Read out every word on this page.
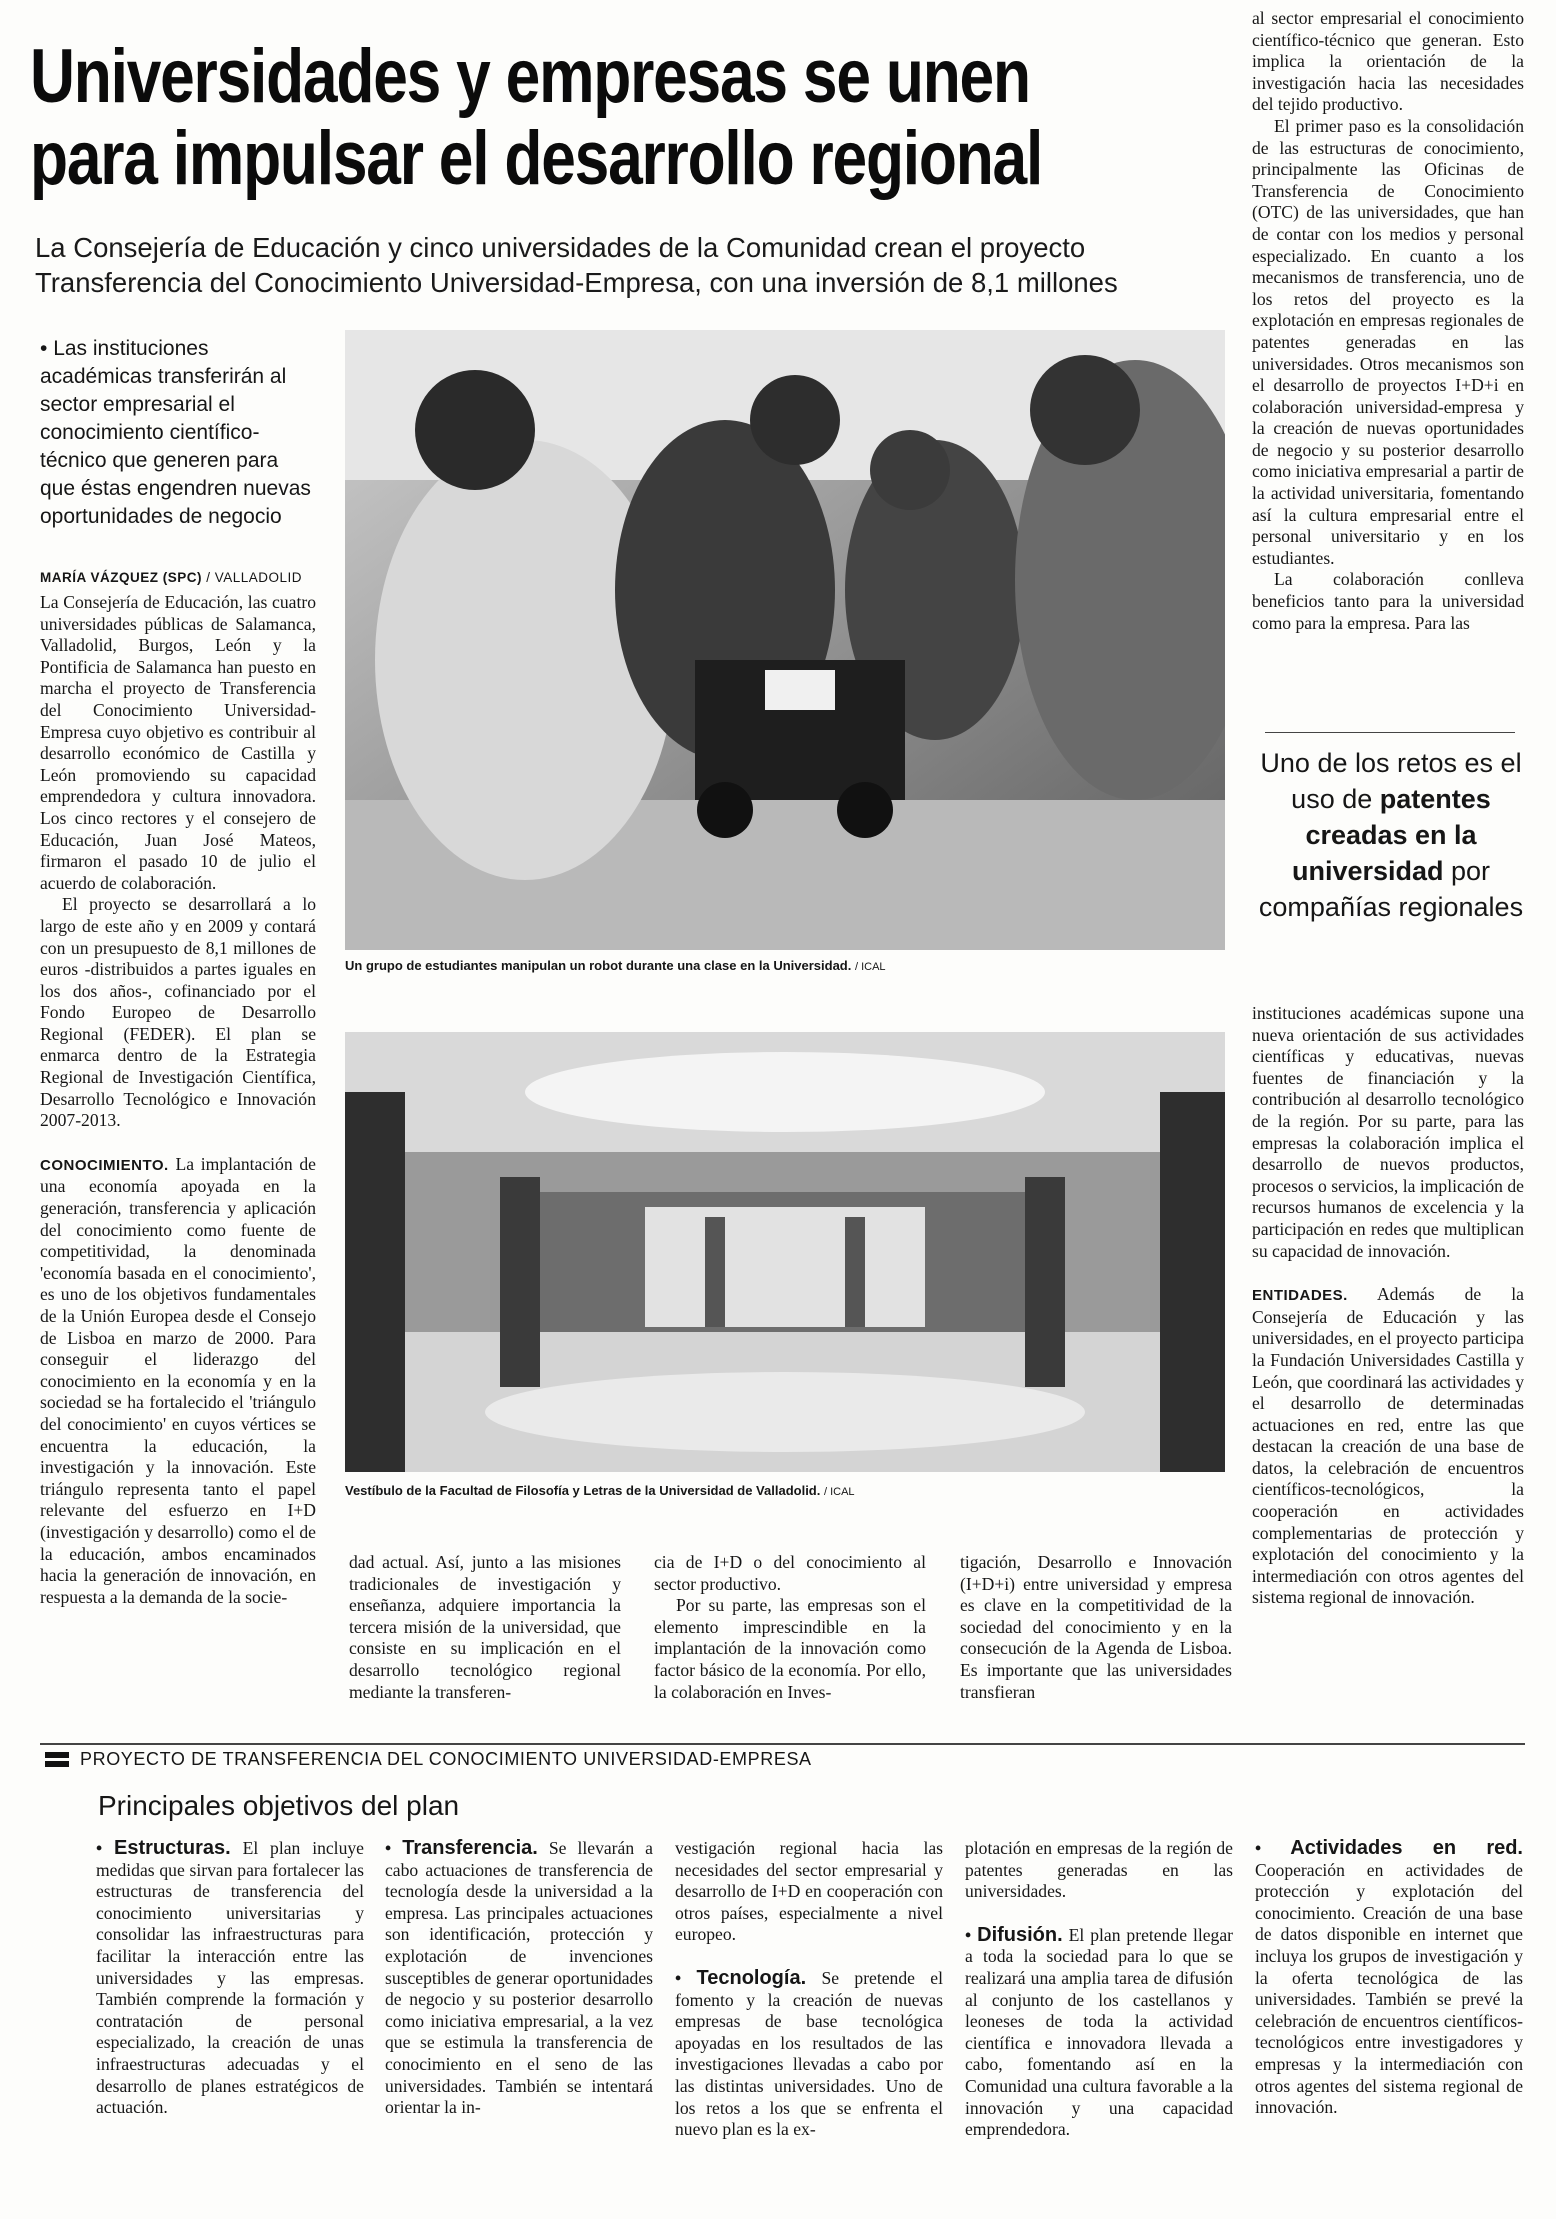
Universidades y empresas se unen
para impulsar el desarrollo regional
La Consejería de Educación y cinco universidades de la Comunidad crean el proyecto
Transferencia del Conocimiento Universidad-Empresa, con una inversión de 8,1 millones
• Las instituciones académicas transferirán al sector empresarial el conocimiento científico-técnico que generen para que éstas engendren nuevas oportunidades de negocio
MARÍA VÁZQUEZ (SPC) / VALLADOLID

La Consejería de Educación, las cuatro universidades públicas de Salamanca, Valladolid, Burgos, León y la Pontificia de Salamanca han puesto en marcha el proyecto de Transferencia del Conocimiento Universidad-Empresa cuyo objetivo es contribuir al desarrollo económico de Castilla y León promoviendo su capacidad emprendedora y cultura innovadora. Los cinco rectores y el consejero de Educación, Juan José Mateos, firmaron el pasado 10 de julio el acuerdo de colaboración.

El proyecto se desarrollará a lo largo de este año y en 2009 y contará con un presupuesto de 8,1 millones de euros -distribuidos a partes iguales en los dos años-, cofinanciado por el Fondo Europeo de Desarrollo Regional (FEDER). El plan se enmarca dentro de la Estrategia Regional de Investigación Científica, Desarrollo Tecnológico e Innovación 2007-2013.

CONOCIMIENTO. La implantación de una economía apoyada en la generación, transferencia y aplicación del conocimiento como fuente de competitividad, la denominada 'economía basada en el conocimiento', es uno de los objetivos fundamentales de la Unión Europea desde el Consejo de Lisboa en marzo de 2000. Para conseguir el liderazgo del conocimiento en la economía y en la sociedad se ha fortalecido el 'triángulo del conocimiento' en cuyos vértices se encuentra la educación, la investigación y la innovación. Este triángulo representa tanto el papel relevante del esfuerzo en I+D (investigación y desarrollo) como el de la educación, ambos encaminados hacia la generación de innovación, en respuesta a la demanda de la socie-

Un grupo de estudiantes manipulan un robot durante una clase en la Universidad. / ICAL
Vestíbulo de la Facultad de Filosofía y Letras de la Universidad de Valladolid. / ICAL

dad actual. Así, junto a las misiones tradicionales de investigación y enseñanza, adquiere importancia la tercera misión de la universidad, que consiste en su implicación en el desarrollo tecnológico regional mediante la transferen-

cia de I+D o del conocimiento al sector productivo.

Por su parte, las empresas son el elemento imprescindible en la implantación de la innovación como factor básico de la economía. Por ello, la colaboración en Inves-

tigación, Desarrollo e Innovación (I+D+i) entre universidad y empresa es clave en la competitividad de la sociedad del conocimiento y en la consecución de la Agenda de Lisboa. Es importante que las universidades transfieran

al sector empresarial el conocimiento científico-técnico que generan. Esto implica la orientación de la investigación hacia las necesidades del tejido productivo.

El primer paso es la consolidación de las estructuras de conocimiento, principalmente las Oficinas de Transferencia de Conocimiento (OTC) de las universidades, que han de contar con los medios y personal especializado. En cuanto a los mecanismos de transferencia, uno de los retos del proyecto es la explotación en empresas regionales de patentes generadas en las universidades. Otros mecanismos son el desarrollo de proyectos I+D+i en colaboración universidad-empresa y la creación de nuevas oportunidades de negocio y su posterior desarrollo como iniciativa empresarial a partir de la actividad universitaria, fomentando así la cultura empresarial entre el personal universitario y en los estudiantes.

La colaboración conlleva beneficios tanto para la universidad como para la empresa. Para las

Uno de los retos es el uso de patentes creadas en la universidad por compañías regionales

instituciones académicas supone una nueva orientación de sus actividades científicas y educativas, nuevas fuentes de financiación y la contribución al desarrollo tecnológico de la región. Por su parte, para las empresas la colaboración implica el desarrollo de nuevos productos, procesos o servicios, la implicación de recursos humanos de excelencia y la participación en redes que multiplican su capacidad de innovación.

ENTIDADES. Además de la Consejería de Educación y las universidades, en el proyecto participa la Fundación Universidades Castilla y León, que coordinará las actividades y el desarrollo de determinadas actuaciones en red, entre las que destacan la creación de una base de datos, la celebración de encuentros científicos-tecnológicos, la cooperación en actividades complementarias de protección y explotación del conocimiento y la intermediación con otros agentes del sistema regional de innovación.

PROYECTO DE TRANSFERENCIA DEL CONOCIMIENTO UNIVERSIDAD-EMPRESA
Principales objetivos del plan

• Estructuras. El plan incluye medidas que sirvan para fortalecer las estructuras de transferencia del conocimiento universitarias y consolidar las infraestructuras para facilitar la interacción entre las universidades y las empresas. También comprende la formación y contratación de personal especializado, la creación de unas infraestructuras adecuadas y el desarrollo de planes estratégicos de actuación.

• Transferencia. Se llevarán a cabo actuaciones de transferencia de tecnología desde la universidad a la empresa. Las principales actuaciones son identificación, protección y explotación de invenciones susceptibles de generar oportunidades de negocio y su posterior desarrollo como iniciativa empresarial, a la vez que se estimula la transferencia de conocimiento en el seno de las universidades. También se intentará orientar la in-

vestigación regional hacia las necesidades del sector empresarial y desarrollo de I+D en cooperación con otros países, especialmente a nivel europeo.

• Tecnología. Se pretende el fomento y la creación de nuevas empresas de base tecnológica apoyadas en los resultados de las investigaciones llevadas a cabo por las distintas universidades. Uno de los retos a los que se enfrenta el nuevo plan es la ex-

plotación en empresas de la región de patentes generadas en las universidades.

• Difusión. El plan pretende llegar a toda la sociedad para lo que se realizará una amplia tarea de difusión al conjunto de los castellanos y leoneses de toda la actividad científica e innovadora llevada a cabo, fomentando así en la Comunidad una cultura favorable a la innovación y una capacidad emprendedora.

• Actividades en red. Cooperación en actividades de protección y explotación del conocimiento. Creación de una base de datos disponible en internet que incluya los grupos de investigación y la oferta tecnológica de las universidades. También se prevé la celebración de encuentros científicos-tecnológicos entre investigadores y empresas y la intermediación con otros agentes del sistema regional de innovación.
